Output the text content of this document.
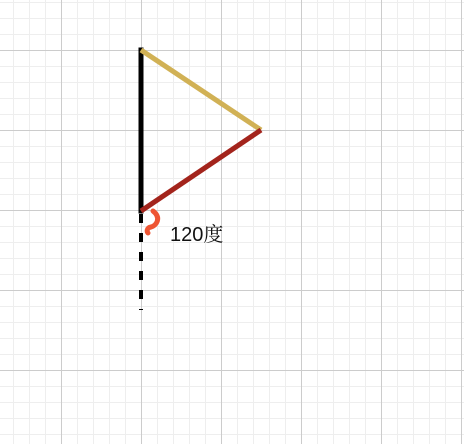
120度
